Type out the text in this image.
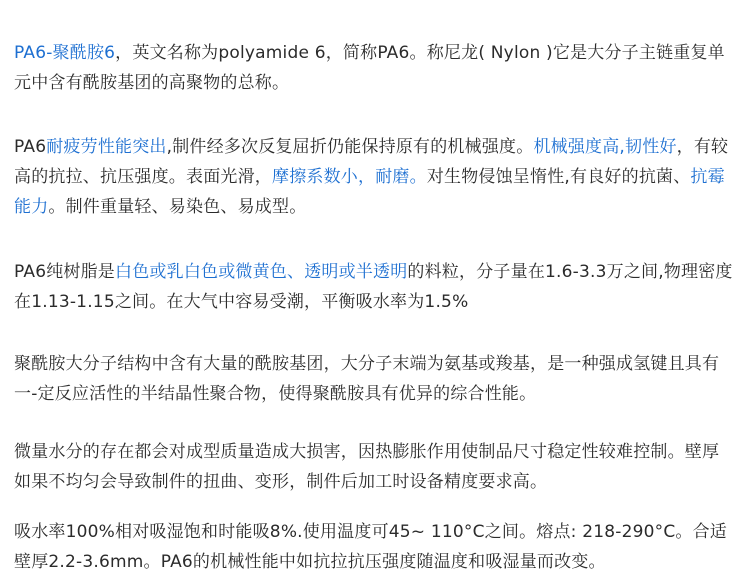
PA6-聚酰胺6，英文名称为polyamide 6，简称PA6。称尼龙( Nylon )它是大分子主链重复单元中含有酰胺基团的高聚物的总称。

PA6耐疲劳性能突出,制件经多次反复屈折仍能保持原有的机械强度。机械强度高,韧性好，有较高的抗拉、抗压强度。表面光滑，摩擦系数小，耐磨。对生物侵蚀呈惰性,有良好的抗菌、抗霉能力。制件重量轻、易染色、易成型。

PA6纯树脂是白色或乳白色或微黄色、透明或半透明的料粒，分子量在1.6-3.3万之间,物理密度在1.13-1.15之间。在大气中容易受潮，平衡吸水率为1.5%

聚酰胺大分子结构中含有大量的酰胺基团，大分子末端为氨基或羧基，是一种强成氢键且具有一-定反应活性的半结晶性聚合物，使得聚酰胺具有优异的综合性能。

微量水分的存在都会对成型质量造成大损害，因热膨胀作用使制品尺寸稳定性较难控制。壁厚如果不均匀会导致制件的扭曲、变形，制件后加工时设备精度要求高。

吸水率100%相对吸湿饱和时能吸8%.使用温度可45~ 110°C之间。熔点: 218-290°C。合适壁厚2.2-3.6mm。PA6的机械性能中如抗拉抗压强度随温度和吸湿量而改变。
